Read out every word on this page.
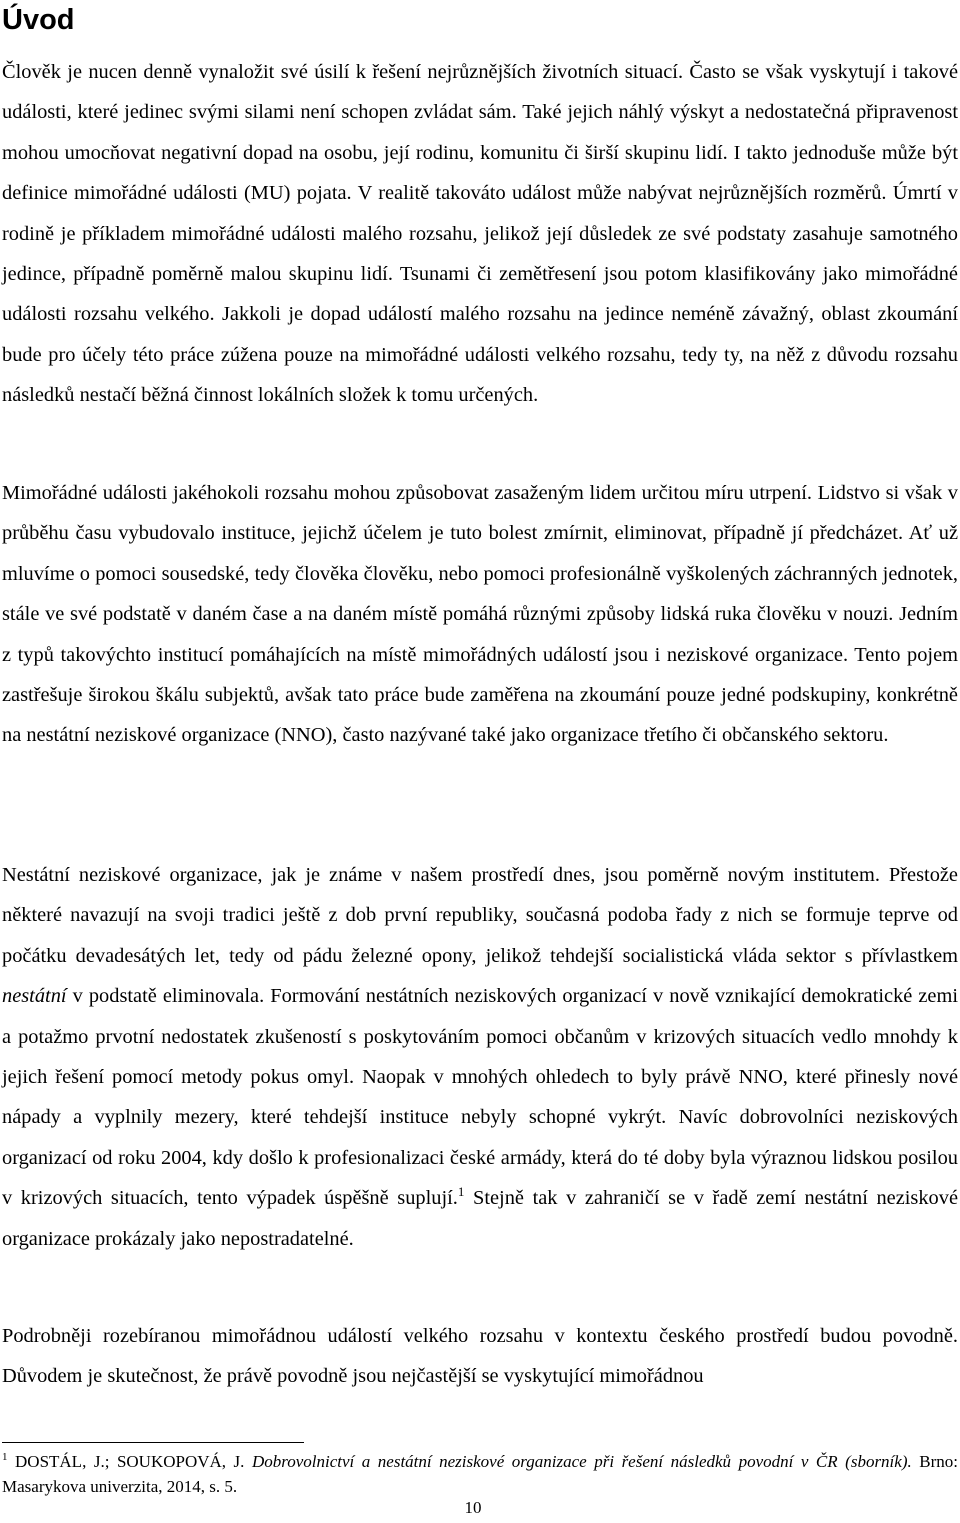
Úvod

Člověk je nucen denně vynaložit své úsilí k řešení nejrůznějších životních situací. Často se však vyskytují i takové události, které jedinec svými silami není schopen zvládat sám. Také jejich náhlý výskyt a nedostatečná připravenost mohou umocňovat negativní dopad na osobu, její rodinu, komunitu či širší skupinu lidí. I takto jednoduše může být definice mimořádné události (MU) pojata. V realitě takováto událost může nabývat nejrůznějších rozměrů. Úmrtí v rodině je příkladem mimořádné události malého rozsahu, jelikož její důsledek ze své podstaty zasahuje samotného jedince, případně poměrně malou skupinu lidí. Tsunami či zemětřesení jsou potom klasifikovány jako mimořádné události rozsahu velkého. Jakkoli je dopad událostí malého rozsahu na jedince neméně závažný, oblast zkoumání bude pro účely této práce zúžena pouze na mimořádné události velkého rozsahu, tedy ty, na něž z důvodu rozsahu následků nestačí běžná činnost lokálních složek k tomu určených.

Mimořádné události jakéhokoli rozsahu mohou způsobovat zasaženým lidem určitou míru utrpení. Lidstvo si však v průběhu času vybudovalo instituce, jejichž účelem je tuto bolest zmírnit, eliminovat, případně jí předcházet. Ať už mluvíme o pomoci sousedské, tedy člověka člověku, nebo pomoci profesionálně vyškolených záchranných jednotek, stále ve své podstatě v daném čase a na daném místě pomáhá různými způsoby lidská ruka člověku v nouzi. Jedním z typů takovýchto institucí pomáhajících na místě mimořádných událostí jsou i neziskové organizace. Tento pojem zastřešuje širokou škálu subjektů, avšak tato práce bude zaměřena na zkoumání pouze jedné podskupiny, konkrétně na nestátní neziskové organizace (NNO), často nazývané také jako organizace třetího či občanského sektoru.

Nestátní neziskové organizace, jak je známe v našem prostředí dnes, jsou poměrně novým institutem. Přestože některé navazují na svoji tradici ještě z dob první republiky, současná podoba řady z nich se formuje teprve od počátku devadesátých let, tedy od pádu železné opony, jelikož tehdejší socialistická vláda sektor s přívlastkem nestátní v podstatě eliminovala. Formování nestátních neziskových organizací v nově vznikající demokratické zemi a potažmo prvotní nedostatek zkušeností s poskytováním pomoci občanům v krizových situacích vedlo mnohdy k jejich řešení pomocí metody pokus omyl. Naopak v mnohých ohledech to byly právě NNO, které přinesly nové nápady a vyplnily mezery, které tehdejší instituce nebyly schopné vykrýt. Navíc dobrovolníci neziskových organizací od roku 2004, kdy došlo k profesionalizaci české armády, která do té doby byla výraznou lidskou posilou v krizových situacích, tento výpadek úspěšně suplují.$^1$ Stejně tak v zahraničí se v řadě zemí nestátní neziskové organizace prokázaly jako nepostradatelné.

Podrobněji rozebíranou mimořádnou událostí velkého rozsahu v kontextu českého prostředí budou povodně. Důvodem je skutečnost, že právě povodně jsou nejčastější se vyskytující mimořádnou

$^1$ DOSTÁL, J.; SOUKOPOVÁ, J. Dobrovolnictví a nestátní neziskové organizace při řešení následků povodní v ČR (sborník). Brno: Masarykova univerzita, 2014, s. 5.

10
